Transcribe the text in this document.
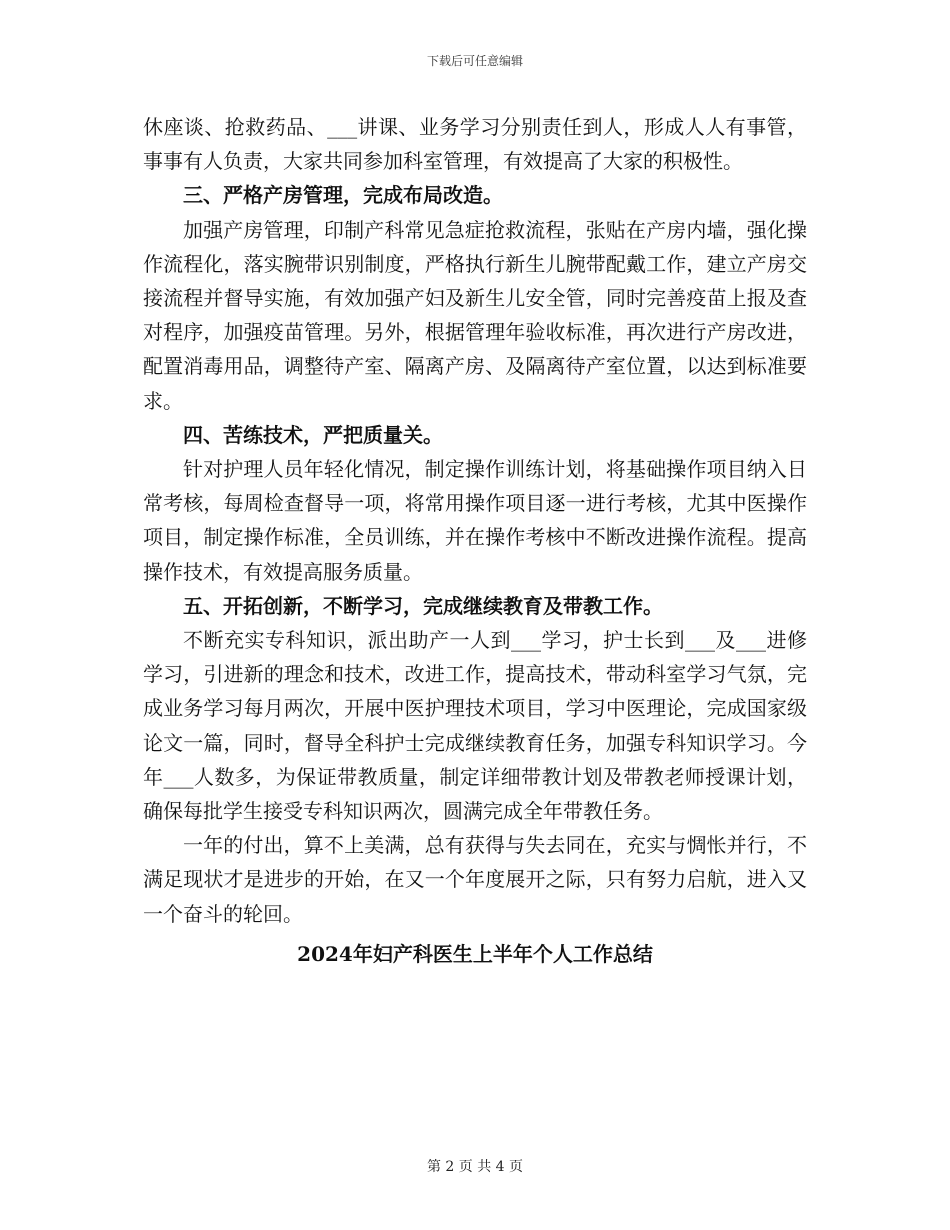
下载后可任意编辑

休座谈、抢救药品、___讲课、业务学习分别责任到人，形成人人有事管，事事有人负责，大家共同参加科室管理，有效提高了大家的积极性。

三、严格产房管理，完成布局改造。

加强产房管理，印制产科常见急症抢救流程，张贴在产房内墙，强化操作流程化，落实腕带识别制度，严格执行新生儿腕带配戴工作，建立产房交接流程并督导实施，有效加强产妇及新生儿安全管，同时完善疫苗上报及查对程序，加强疫苗管理。另外，根据管理年验收标准，再次进行产房改进，配置消毒用品，调整待产室、隔离产房、及隔离待产室位置，以达到标准要求。

四、苦练技术，严把质量关。

针对护理人员年轻化情况，制定操作训练计划，将基础操作项目纳入日常考核，每周检查督导一项，将常用操作项目逐一进行考核，尤其中医操作项目，制定操作标准，全员训练，并在操作考核中不断改进操作流程。提高操作技术，有效提高服务质量。

五、开拓创新，不断学习，完成继续教育及带教工作。

不断充实专科知识，派出助产一人到___学习，护士长到___及___进修学习，引进新的理念和技术，改进工作，提高技术，带动科室学习气氛，完成业务学习每月两次，开展中医护理技术项目，学习中医理论，完成国家级论文一篇，同时，督导全科护士完成继续教育任务，加强专科知识学习。今年___人数多，为保证带教质量，制定详细带教计划及带教老师授课计划，确保每批学生接受专科知识两次，圆满完成全年带教任务。

一年的付出，算不上美满，总有获得与失去同在，充实与惆怅并行，不满足现状才是进步的开始，在又一个年度展开之际，只有努力启航，进入又一个奋斗的轮回。

2024年妇产科医生上半年个人工作总结

第 2 页 共 4 页
